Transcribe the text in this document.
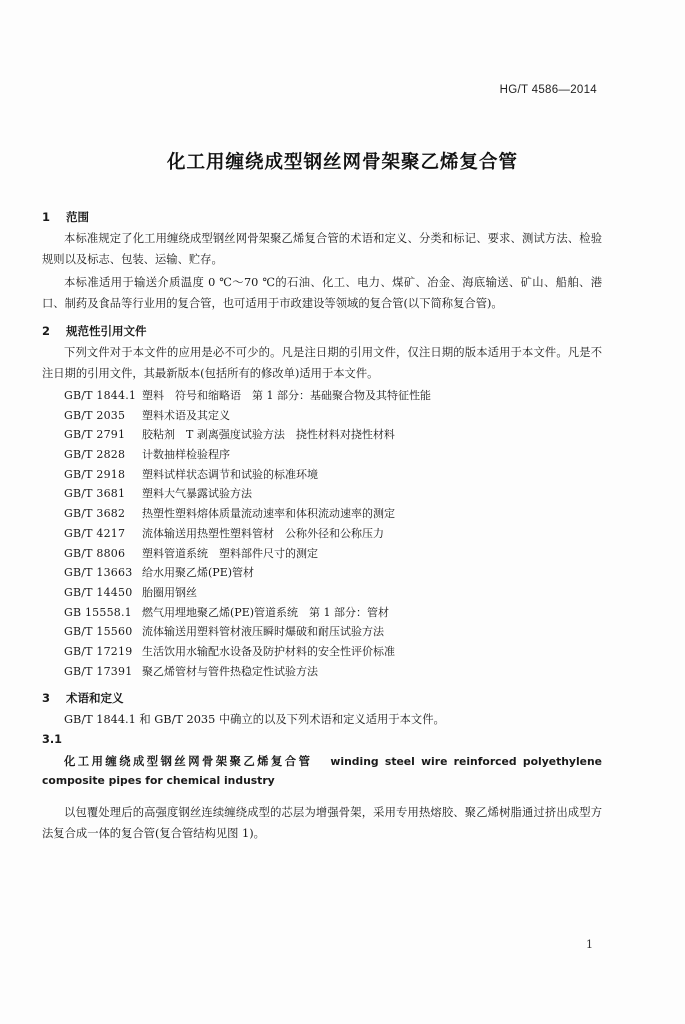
HG/T 4586—2014
化工用缠绕成型钢丝网骨架聚乙烯复合管
1 范围

本标准规定了化工用缠绕成型钢丝网骨架聚乙烯复合管的术语和定义、分类和标记、要求、测试方法、检验规则以及标志、包装、运输、贮存。

本标准适用于输送介质温度 0 ℃～70 ℃的石油、化工、电力、煤矿、冶金、海底输送、矿山、船舶、港口、制药及食品等行业用的复合管，也可适用于市政建设等领域的复合管(以下简称复合管)。

2 规范性引用文件

下列文件对于本文件的应用是必不可少的。凡是注日期的引用文件，仅注日期的版本适用于本文件。凡是不注日期的引用文件，其最新版本(包括所有的修改单)适用于本文件。

GB/T 1844.1 塑料　符号和缩略语　第 1 部分：基础聚合物及其特征性能
GB/T 2035 塑料术语及其定义
GB/T 2791 胶粘剂　T 剥离强度试验方法　挠性材料对挠性材料
GB/T 2828 计数抽样检验程序
GB/T 2918 塑料试样状态调节和试验的标准环境
GB/T 3681 塑料大气暴露试验方法
GB/T 3682 热塑性塑料熔体质量流动速率和体积流动速率的测定
GB/T 4217 流体输送用热塑性塑料管材　公称外径和公称压力
GB/T 8806 塑料管道系统　塑料部件尺寸的测定
GB/T 13663 给水用聚乙烯(PE)管材
GB/T 14450 胎圈用钢丝
GB 15558.1 燃气用埋地聚乙烯(PE)管道系统　第 1 部分：管材
GB/T 15560 流体输送用塑料管材液压瞬时爆破和耐压试验方法
GB/T 17219 生活饮用水输配水设备及防护材料的安全性评价标准
GB/T 17391 聚乙烯管材与管件热稳定性试验方法
3 术语和定义

GB/T 1844.1 和 GB/T 2035 中确立的以及下列术语和定义适用于本文件。

3.1

化工用缠绕成型钢丝网骨架聚乙烯复合管 winding steel wire reinforced polyethylene composite pipes for chemical industry

以包覆处理后的高强度钢丝连续缠绕成型的芯层为增强骨架，采用专用热熔胶、聚乙烯树脂通过挤出成型方法复合成一体的复合管(复合管结构见图 1)。

1
